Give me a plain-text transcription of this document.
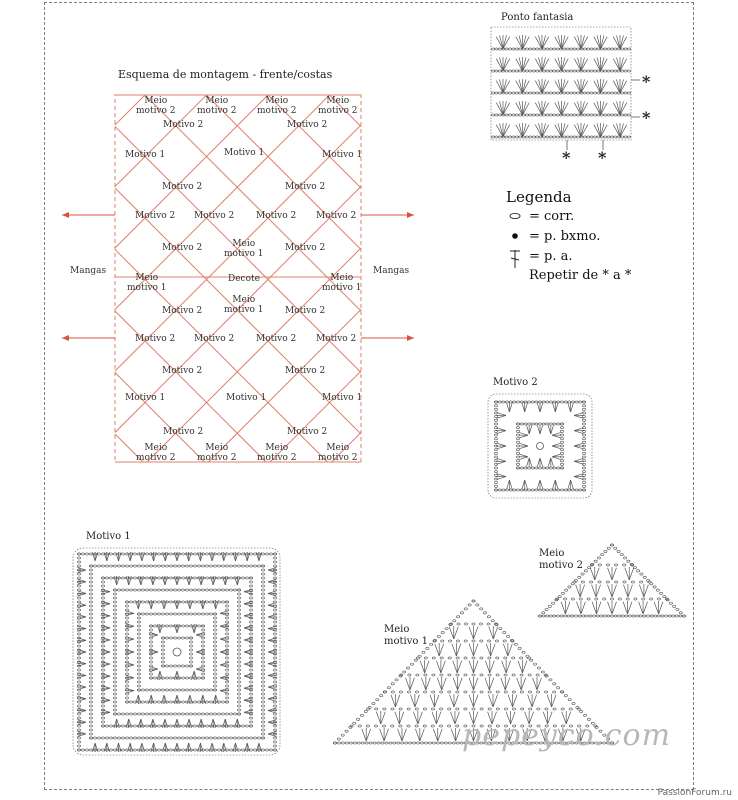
Esquema de montagem - frente/costas
Meio
motivo 2
Meio
motivo 2
Meio
motivo 2
Meio
motivo 2
Motivo 2	Motivo 2
Motivo 1	Motivo 1	Motivo 1
Motivo 2	Motivo 2
Motivo 2 Motivo 2 Motivo 2 Motivo 2
Motivo 2	Motivo 2
Meio
motivo 1
Meio
motivo 1
Decote	Meio
motivo 1
Meio
motivo 1
Motivo 2	Motivo 2
Motivo 2 Motivo 2 Motivo 2 Motivo 2
Motivo 2	Motivo 2
Motivo 1	Motivo 1	Motivo 1
Motivo 2	Motivo 2
Meio
motivo 2
Meio
motivo 2
Meio
motivo 2
Meio
motivo 2
Mangas	Mangas
Ponto fantasia
*
*
* *
Legenda
= corr.
= p. bxmo.
= p. a.
Repetir de * a *
Motivo 2
Motivo 1
Meio
motivo 2
Meio
motivo 1
pepeyco.com
PassionForum.ru
